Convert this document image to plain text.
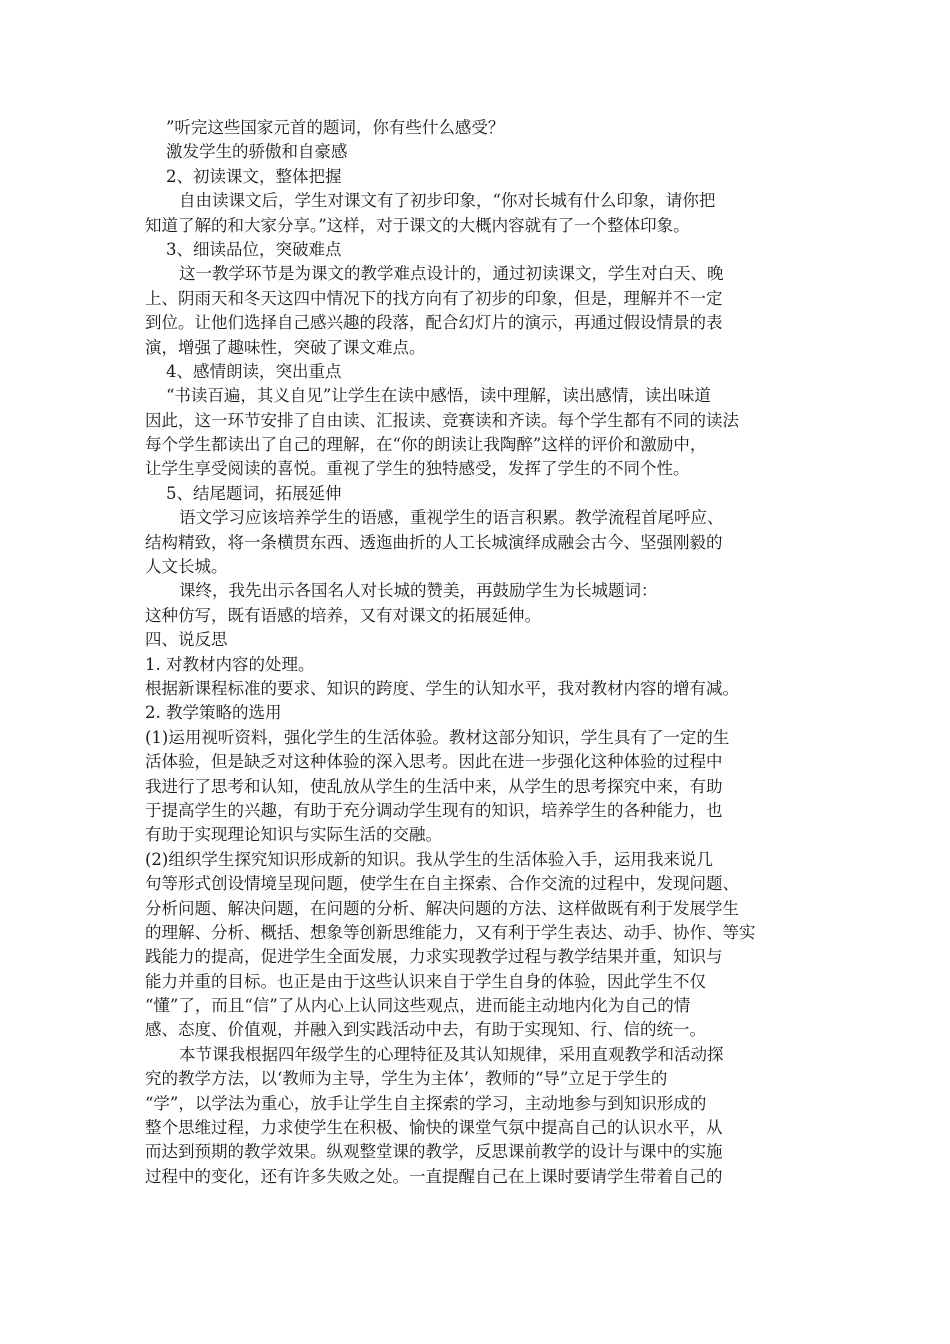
”听完这些国家元首的题词，你有些什么感受？
激发学生的骄傲和自豪感
2、初读课文，整体把握
自由读课文后，学生对课文有了初步印象，“你对长城有什么印象，请你把
知道了解的和大家分享。”这样，对于课文的大概内容就有了一个整体印象。
3、细读品位，突破难点
这一教学环节是为课文的教学难点设计的，通过初读课文，学生对白天、晚
上、阴雨天和冬天这四中情况下的找方向有了初步的印象，但是，理解并不一定
到位。让他们选择自己感兴趣的段落，配合幻灯片的演示，再通过假设情景的表
演，增强了趣味性，突破了课文难点。
4、感情朗读，突出重点
“书读百遍，其义自见”让学生在读中感悟，读中理解，读出感情，读出味道
因此，这一环节安排了自由读、汇报读、竞赛读和齐读。每个学生都有不同的读法
每个学生都读出了自己的理解，在“你的朗读让我陶醉”这样的评价和激励中，
让学生享受阅读的喜悦。重视了学生的独特感受，发挥了学生的不同个性。
5、结尾题词，拓展延伸
语文学习应该培养学生的语感，重视学生的语言积累。教学流程首尾呼应、
结构精致，将一条横贯东西、透迤曲折的人工长城演绎成融会古今、坚强刚毅的
人文长城。
课终，我先出示各国名人对长城的赞美，再鼓励学生为长城题词：
这种仿写，既有语感的培养，又有对课文的拓展延伸。
四、说反思
1. 对教材内容的处理。
根据新课程标准的要求、知识的跨度、学生的认知水平，我对教材内容的增有减。
2. 教学策略的选用
(1)运用视听资料，强化学生的生活体验。教材这部分知识，学生具有了一定的生
活体验，但是缺乏对这种体验的深入思考。因此在进一步强化这种体验的过程中
我进行了思考和认知，使乱放从学生的生活中来，从学生的思考探究中来，有助
于提高学生的兴趣，有助于充分调动学生现有的知识，培养学生的各种能力，也
有助于实现理论知识与实际生活的交融。
(2)组织学生探究知识形成新的知识。我从学生的生活体验入手，运用我来说几
句等形式创设情境呈现问题，使学生在自主探索、合作交流的过程中，发现问题、
分析问题、解决问题，在问题的分析、解决问题的方法、这样做既有利于发展学生
的理解、分析、概括、想象等创新思维能力，又有利于学生表达、动手、协作、等实
践能力的提高，促进学生全面发展，力求实现教学过程与教学结果并重，知识与
能力并重的目标。也正是由于这些认识来自于学生自身的体验，因此学生不仅
“懂”了，而且“信”了从内心上认同这些观点，进而能主动地内化为自己的情
感、态度、价值观，并融入到实践活动中去，有助于实现知、行、信的统一。
本节课我根据四年级学生的心理特征及其认知规律，采用直观教学和活动探
究的教学方法，以‘教师为主导，学生为主体’，教师的“导”立足于学生的
“学”，以学法为重心，放手让学生自主探索的学习，主动地参与到知识形成的
整个思维过程，力求使学生在积极、愉快的课堂气氛中提高自己的认识水平，从
而达到预期的教学效果。纵观整堂课的教学，反思课前教学的设计与课中的实施
过程中的变化，还有许多失败之处。一直提醒自己在上课时要请学生带着自己的
